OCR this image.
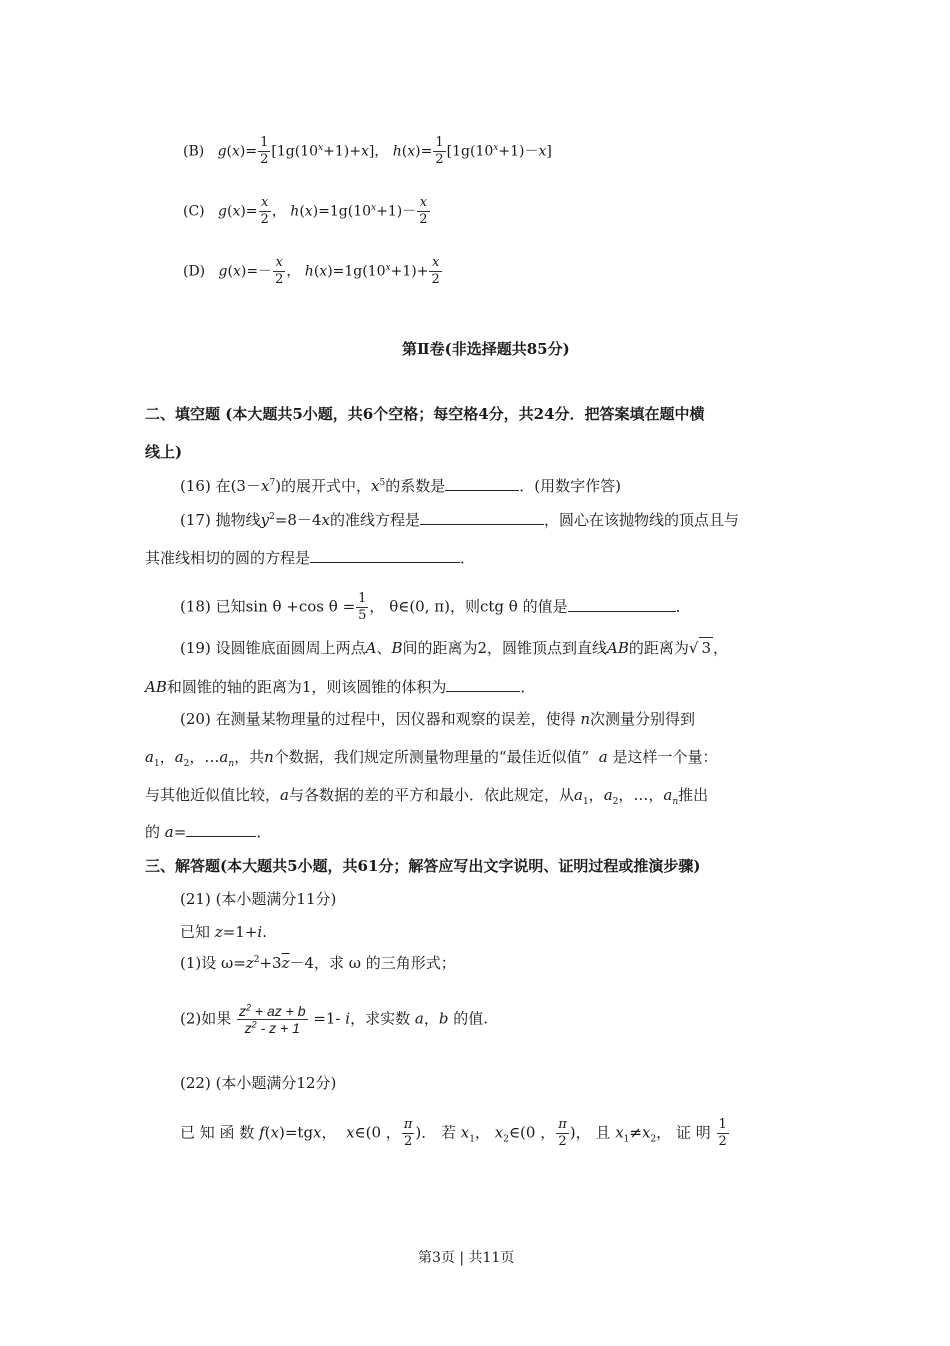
(B) $g(x)= \frac{1}{2} [1g(10^x+1)+x]$， $h(x)= \frac{1}{2} [1g(10^x+1)-x]$
(C) $g(x)= \frac{x}{2}$ ， $h(x)=1g(10^x+1)- \frac{x}{2}$
(D) $g(x)=- \frac{x}{2}$ ， $h(x)=1g(10^x+1)+ \frac{x}{2}$
第Ⅱ卷(非选择题共85分)
二、填空题 (本大题共5小题，共6个空格；每空格4分，共24分．把答案填在题中横
线上)
(16) 在$(3-x^7)$的展开式中，$x^5$的系数是	．(用数字作答)
(17) 抛物线$y^2=8-4x$的准线方程是	，圆心在该抛物线的顶点且与
其准线相切的圆的方程是	．
(18) 已知sin θ +cos $\theta = \frac{1}{5}$ ， θ∈(0, π)，则ctg θ 的值是	．
(19) 设圆锥底面圆周上两点A、B间的距离为2，圆锥顶点到直线AB的距离为√ 3 ，
AB和圆锥的轴的距离为1，则该圆锥的体积为	．
(20) 在测量某物理量的过程中，因仪器和观察的误差，使得 n次测量分别得到
$a_1$，$a_2$，$\dots a_n$，共n个数据，我们规定所测量物理量的“最佳近似值” a 是这样一个量：
与其他近似值比较，a与各数据的差的平方和最小．依此规定，从$a_1$，$a_2$，…，$a_n$推出
的 a=	．
三、解答题(本大题共5小题，共61分；解答应写出文字说明、证明过程或推演步骤)
(21) (本小题满分11分)
已知 z=1+i.
(1)设 $\omega=z^2+3\overline{z}-4$，求 ω 的三角形式；
(2)如果 $\frac{z^2 + az + b}{z^2 - z + 1} =1-$ i，求实数 a，b 的值.
(22) (本小题满分12分)
已 知 函 数 f(x)=tgx，  x∈(0 ， $\frac{\pi}{2}$ )． 若 $x_1$， $x_2\in(0$ ， $\frac{\pi}{2}$ )， 且 $x_1\ne x_2$， 证 明 $\frac{1}{2}$
第3页 | 共11页
